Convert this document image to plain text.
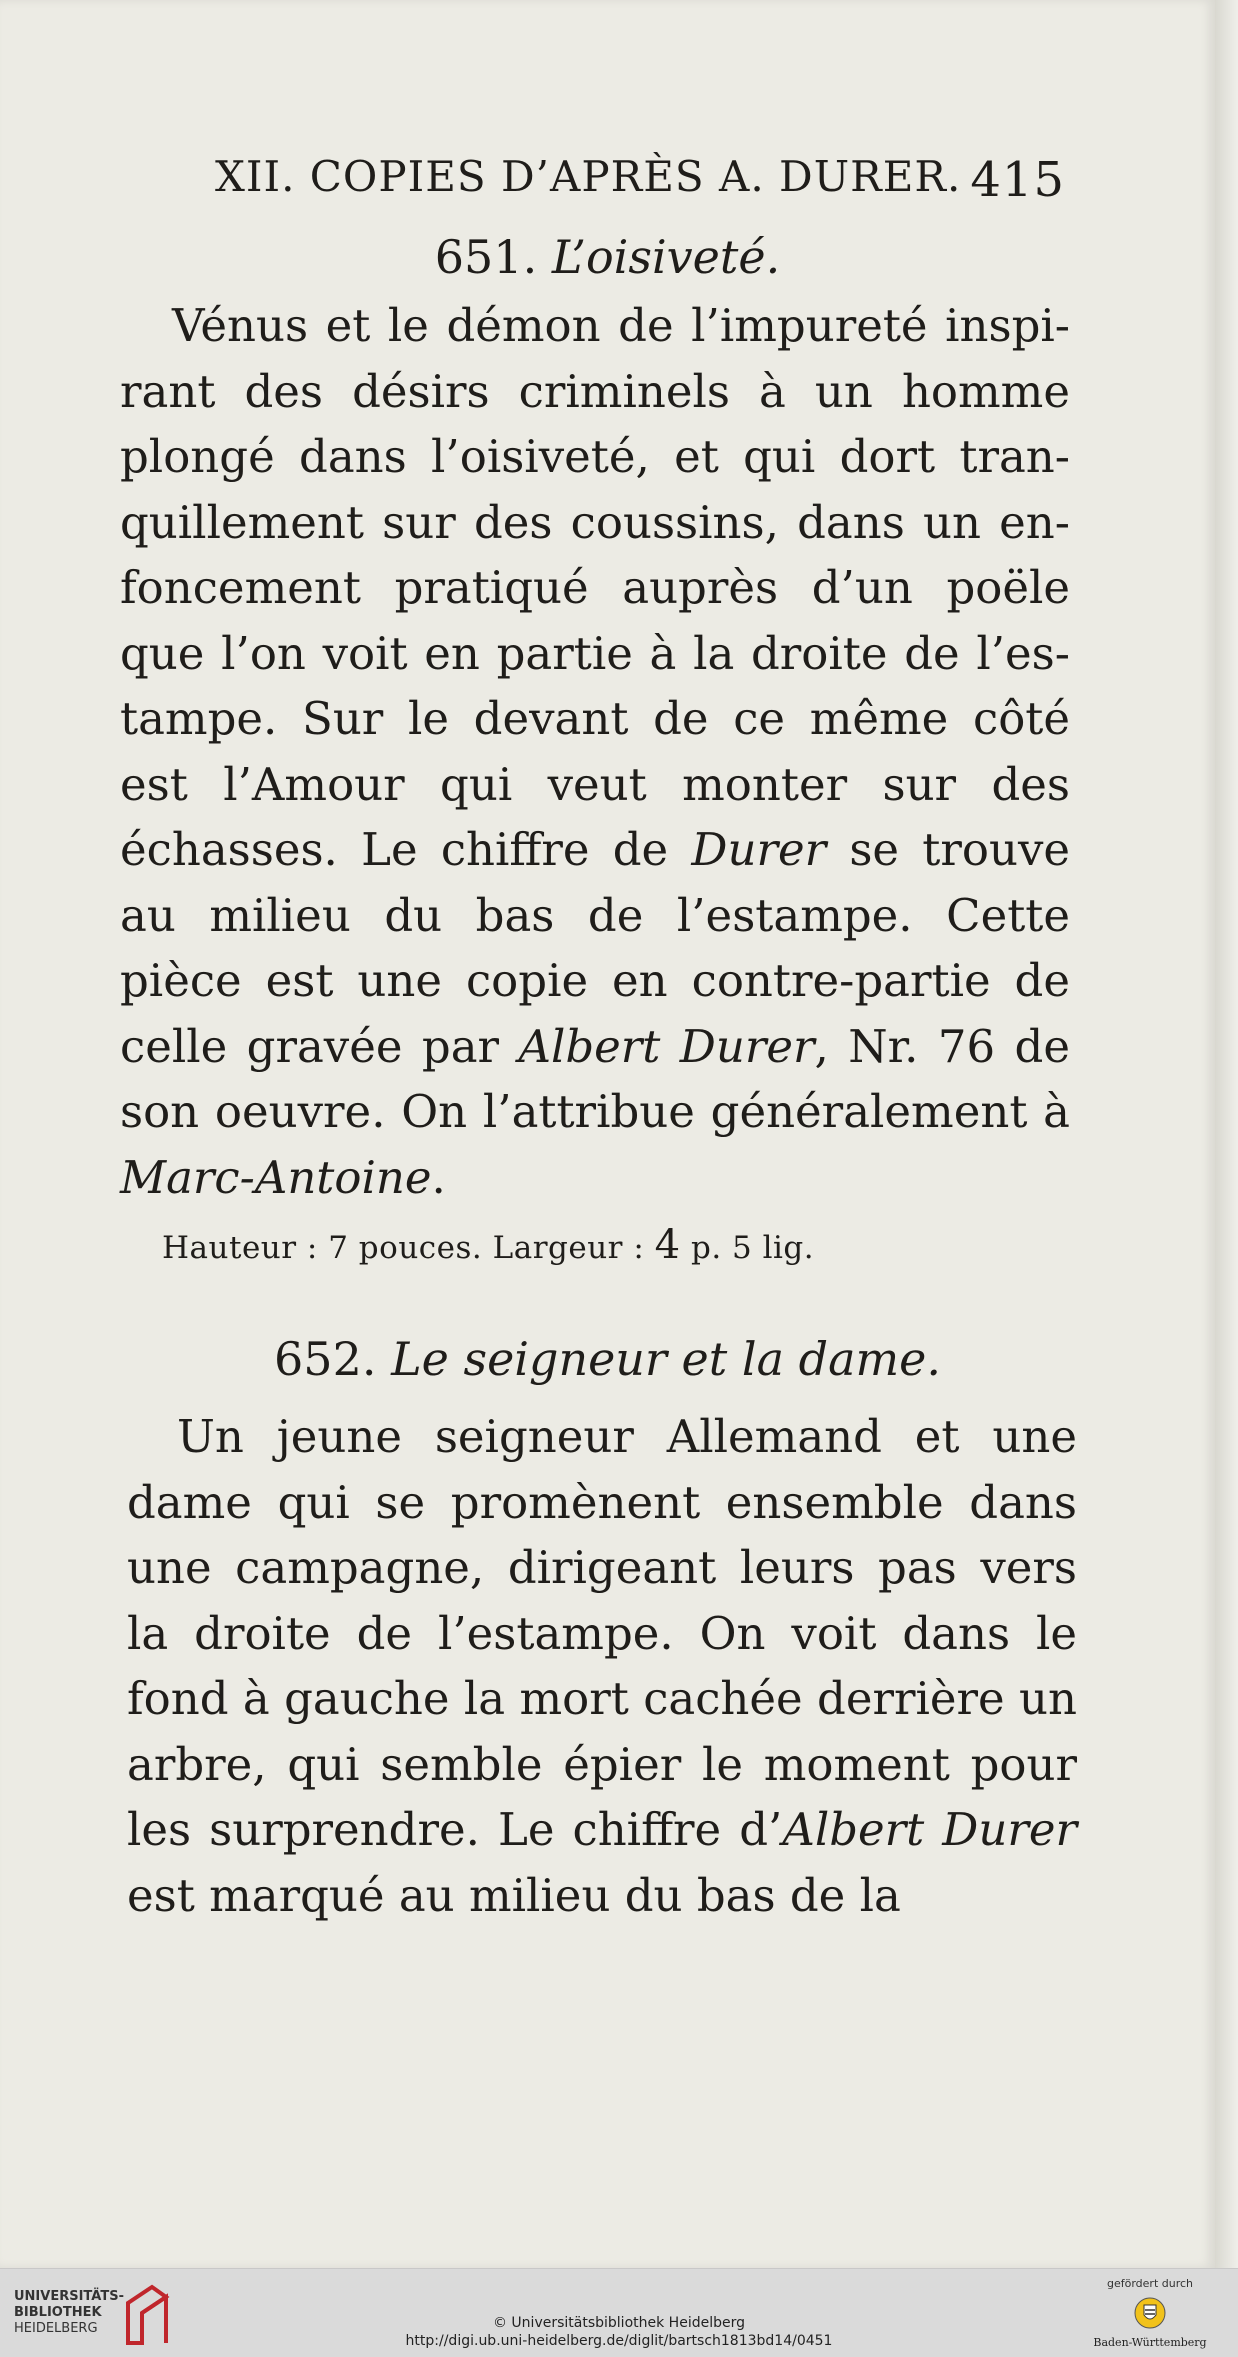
XII. COPIES D’APRÈS A. DURER. 415
651. L’oisiveté.
Vénus et le démon de l’impureté inspirant des désirs criminels à un homme plongé dans l’oisiveté, et qui dort tranquillement sur des coussins, dans un enfoncement pratiqué auprès d’un poële que l’on voit en partie à la droite de l’estampe. Sur le devant de ce même côté est l’Amour qui veut monter sur des échasses. Le chiffre de Durer se trouve au milieu du bas de l’estampe. Cette pièce est une copie en contre-partie de celle gravée par Albert Durer, Nr. 76 de son oeuvre. On l’attribue généralement à Marc-Antoine.
Hauteur : 7 pouces. Largeur : 4 p. 5 lig.
652. Le seigneur et la dame.
Un jeune seigneur Allemand et une dame qui se promènent ensemble dans une campagne, dirigeant leurs pas vers la droite de l’estampe. On voit dans le fond à gauche la mort cachée derrière un arbre, qui semble épier le moment pour les surprendre. Le chiffre d’Albert Durer est marqué au milieu du bas de la
UNIVERSITÄTS-
BIBLIOTHEK
HEIDELBERG	© Universitätsbibliothek Heidelberg
http://digi.ub.uni-heidelberg.de/diglit/bartsch1813bd14/0451
gefördert durch
Baden-Württemberg
